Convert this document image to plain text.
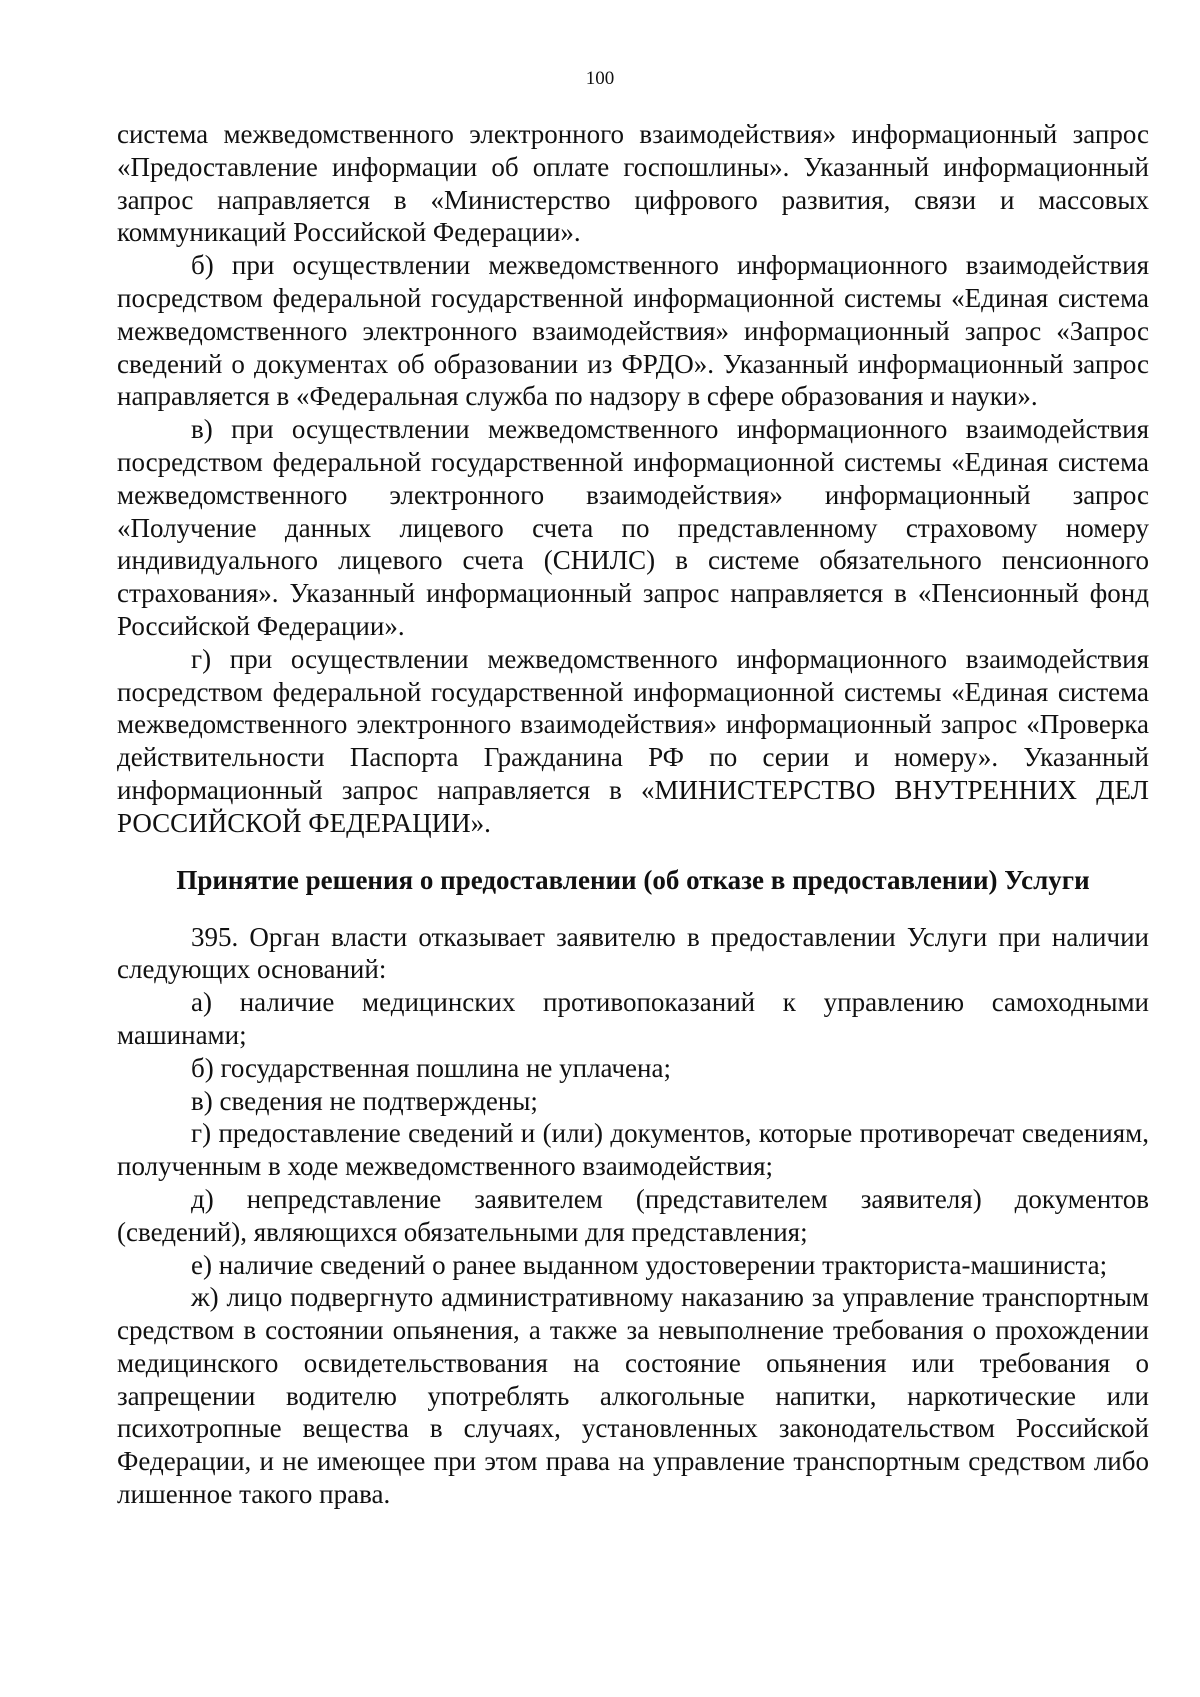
100

система межведомственного электронного взаимодействия» информационный запрос «Предоставление информации об оплате госпошлины». Указанный информационный запрос направляется в «Министерство цифрового развития, связи и массовых коммуникаций Российской Федерации».

б) при осуществлении межведомственного информационного взаимодействия посредством федеральной государственной информационной системы «Единая система межведомственного электронного взаимодействия» информационный запрос «Запрос сведений о документах об образовании из ФРДО». Указанный информационный запрос направляется в «Федеральная служба по надзору в сфере образования и науки».

в) при осуществлении межведомственного информационного взаимодействия посредством федеральной государственной информационной системы «Единая система межведомственного электронного взаимодействия» информационный запрос «Получение данных лицевого счета по представленному страховому номеру индивидуального лицевого счета (СНИЛС) в системе обязательного пенсионного страхования». Указанный информационный запрос направляется в «Пенсионный фонд Российской Федерации».

г) при осуществлении межведомственного информационного взаимодействия посредством федеральной государственной информационной системы «Единая система межведомственного электронного взаимодействия» информационный запрос «Проверка действительности Паспорта Гражданина РФ по серии и номеру». Указанный информационный запрос направляется в «МИНИСТЕРСТВО ВНУТРЕННИХ ДЕЛ РОССИЙСКОЙ ФЕДЕРАЦИИ».

Принятие решения о предоставлении (об отказе в предоставлении) Услуги

395. Орган власти отказывает заявителю в предоставлении Услуги при наличии следующих оснований:

а) наличие медицинских противопоказаний к управлению самоходными машинами;

б) государственная пошлина не уплачена;

в) сведения не подтверждены;

г) предоставление сведений и (или) документов, которые противоречат сведениям, полученным в ходе межведомственного взаимодействия;

д) непредставление заявителем (представителем заявителя) документов (сведений), являющихся обязательными для представления;

е) наличие сведений о ранее выданном удостоверении тракториста-машиниста;

ж) лицо подвергнуто административному наказанию за управление транспортным средством в состоянии опьянения, а также за невыполнение требования о прохождении медицинского освидетельствования на состояние опьянения или требования о запрещении водителю употреблять алкогольные напитки, наркотические или психотропные вещества в случаях, установленных законодательством Российской Федерации, и не имеющее при этом права на управление транспортным средством либо лишенное такого права.
